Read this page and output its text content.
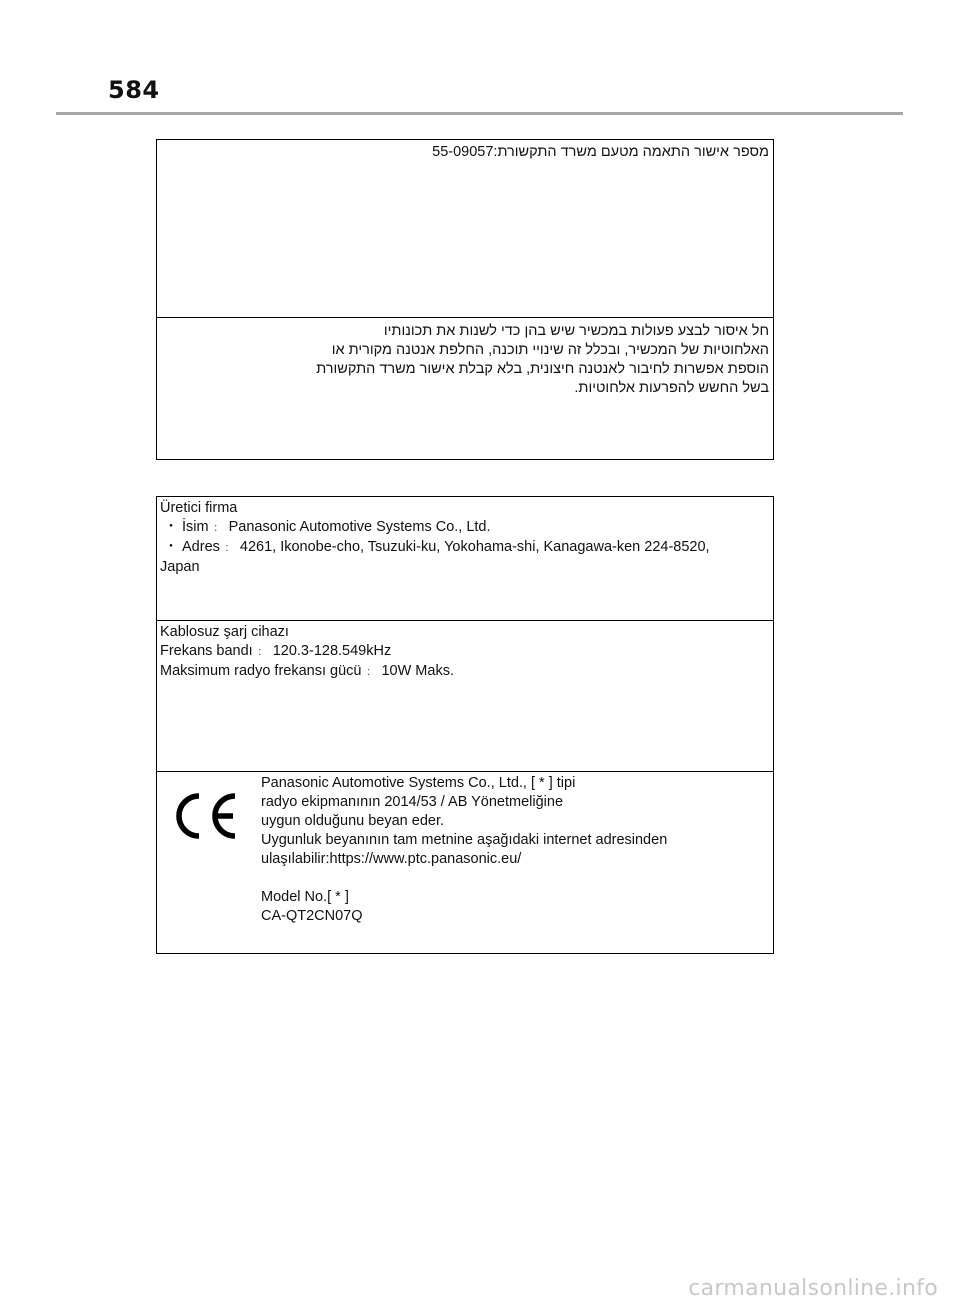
584
מספר אישור התאמה מטעם משרד התקשורת:55-09057
חל איסור לבצע פעולות במכשיר שיש בהן כדי לשנות את תכונותיו
האלחוטיות של המכשיר, ובכלל זה שינויי תוכנה, החלפת אנטנה מקורית או
הוספת אפשרות לחיבור לאנטנה חיצונית, בלא קבלת אישור משרד התקשורת
בשל החשש להפרעות אלחוטיות.
Üretici firma
・ İsim ： Panasonic Automotive Systems Co., Ltd.
・ Adres ： 4261, Ikonobe-cho, Tsuzuki-ku, Yokohama-shi, Kanagawa-ken 224-8520,
Japan
Kablosuz şarj cihazı
Frekans bandı ： 120.3-128.549kHz
Maksimum radyo frekansı gücü ： 10W Maks.
Panasonic Automotive Systems Co., Ltd., [ * ] tipi
radyo ekipmanının 2014/53 / AB Yönetmeliğine
uygun olduğunu beyan eder.
Uygunluk beyanının tam metnine aşağıdaki internet adresinden
ulaşılabilir:https://www.ptc.panasonic.eu/
Model No.[ * ]
CA-QT2CN07Q
carmanualsonline.info
